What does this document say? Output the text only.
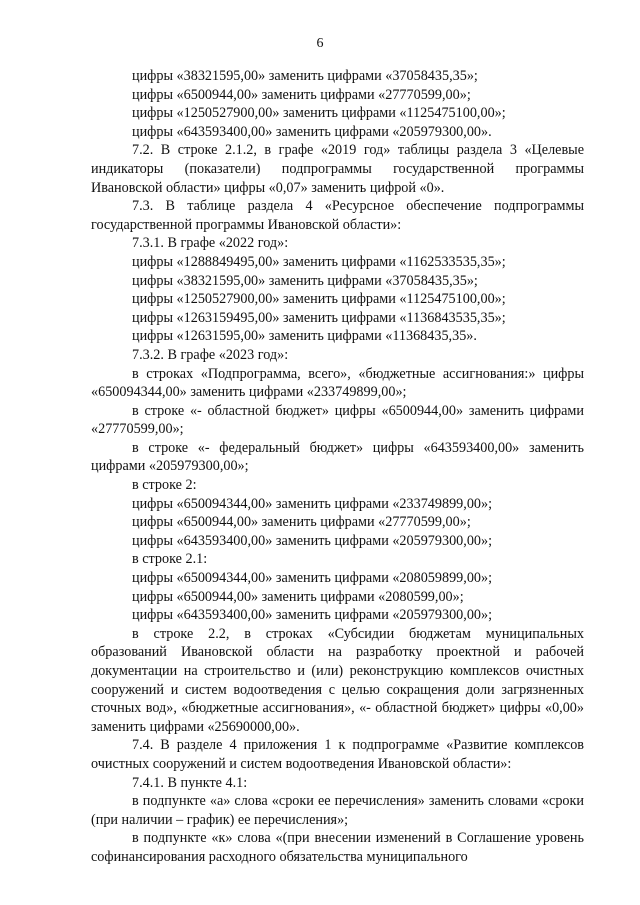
6

цифры «38321595,00» заменить цифрами «37058435,35»;

цифры «6500944,00» заменить цифрами «27770599,00»;

цифры «1250527900,00» заменить цифрами «1125475100,00»;

цифры «643593400,00» заменить цифрами «205979300,00».

7.2. В строке 2.1.2, в графе «2019 год» таблицы раздела 3 «Целевые индикаторы (показатели) подпрограммы государственной программы Ивановской области» цифры «0,07» заменить цифрой «0».

7.3. В таблице раздела 4 «Ресурсное обеспечение подпрограммы государственной программы Ивановской области»:

7.3.1. В графе «2022 год»:

цифры «1288849495,00» заменить цифрами «1162533535,35»;

цифры «38321595,00» заменить цифрами «37058435,35»;

цифры «1250527900,00» заменить цифрами «1125475100,00»;

цифры «1263159495,00» заменить цифрами «1136843535,35»;

цифры «12631595,00» заменить цифрами «11368435,35».

7.3.2. В графе «2023 год»:

в строках «Подпрограмма, всего», «бюджетные ассигнования:» цифры «650094344,00» заменить цифрами «233749899,00»;

в строке «- областной бюджет» цифры «6500944,00» заменить цифрами «27770599,00»;

в строке «- федеральный бюджет» цифры «643593400,00» заменить цифрами «205979300,00»;

в строке 2:

цифры «650094344,00» заменить цифрами «233749899,00»;

цифры «6500944,00» заменить цифрами «27770599,00»;

цифры «643593400,00» заменить цифрами «205979300,00»;

в строке 2.1:

цифры «650094344,00» заменить цифрами «208059899,00»;

цифры «6500944,00» заменить цифрами «2080599,00»;

цифры «643593400,00» заменить цифрами «205979300,00»;

в строке 2.2, в строках «Субсидии бюджетам муниципальных образований Ивановской области на разработку проектной и рабочей документации на строительство и (или) реконструкцию комплексов очистных сооружений и систем водоотведения с целью сокращения доли загрязненных сточных вод», «бюджетные ассигнования», «- областной бюджет» цифры «0,00» заменить цифрами «25690000,00».

7.4. В разделе 4 приложения 1 к подпрограмме «Развитие комплексов очистных сооружений и систем водоотведения Ивановской области»:

7.4.1. В пункте 4.1:

в подпункте «а» слова «сроки ее перечисления» заменить словами «сроки (при наличии – график) ее перечисления»;

в подпункте «к» слова «(при внесении изменений в Соглашение уровень софинансирования расходного обязательства муниципального
